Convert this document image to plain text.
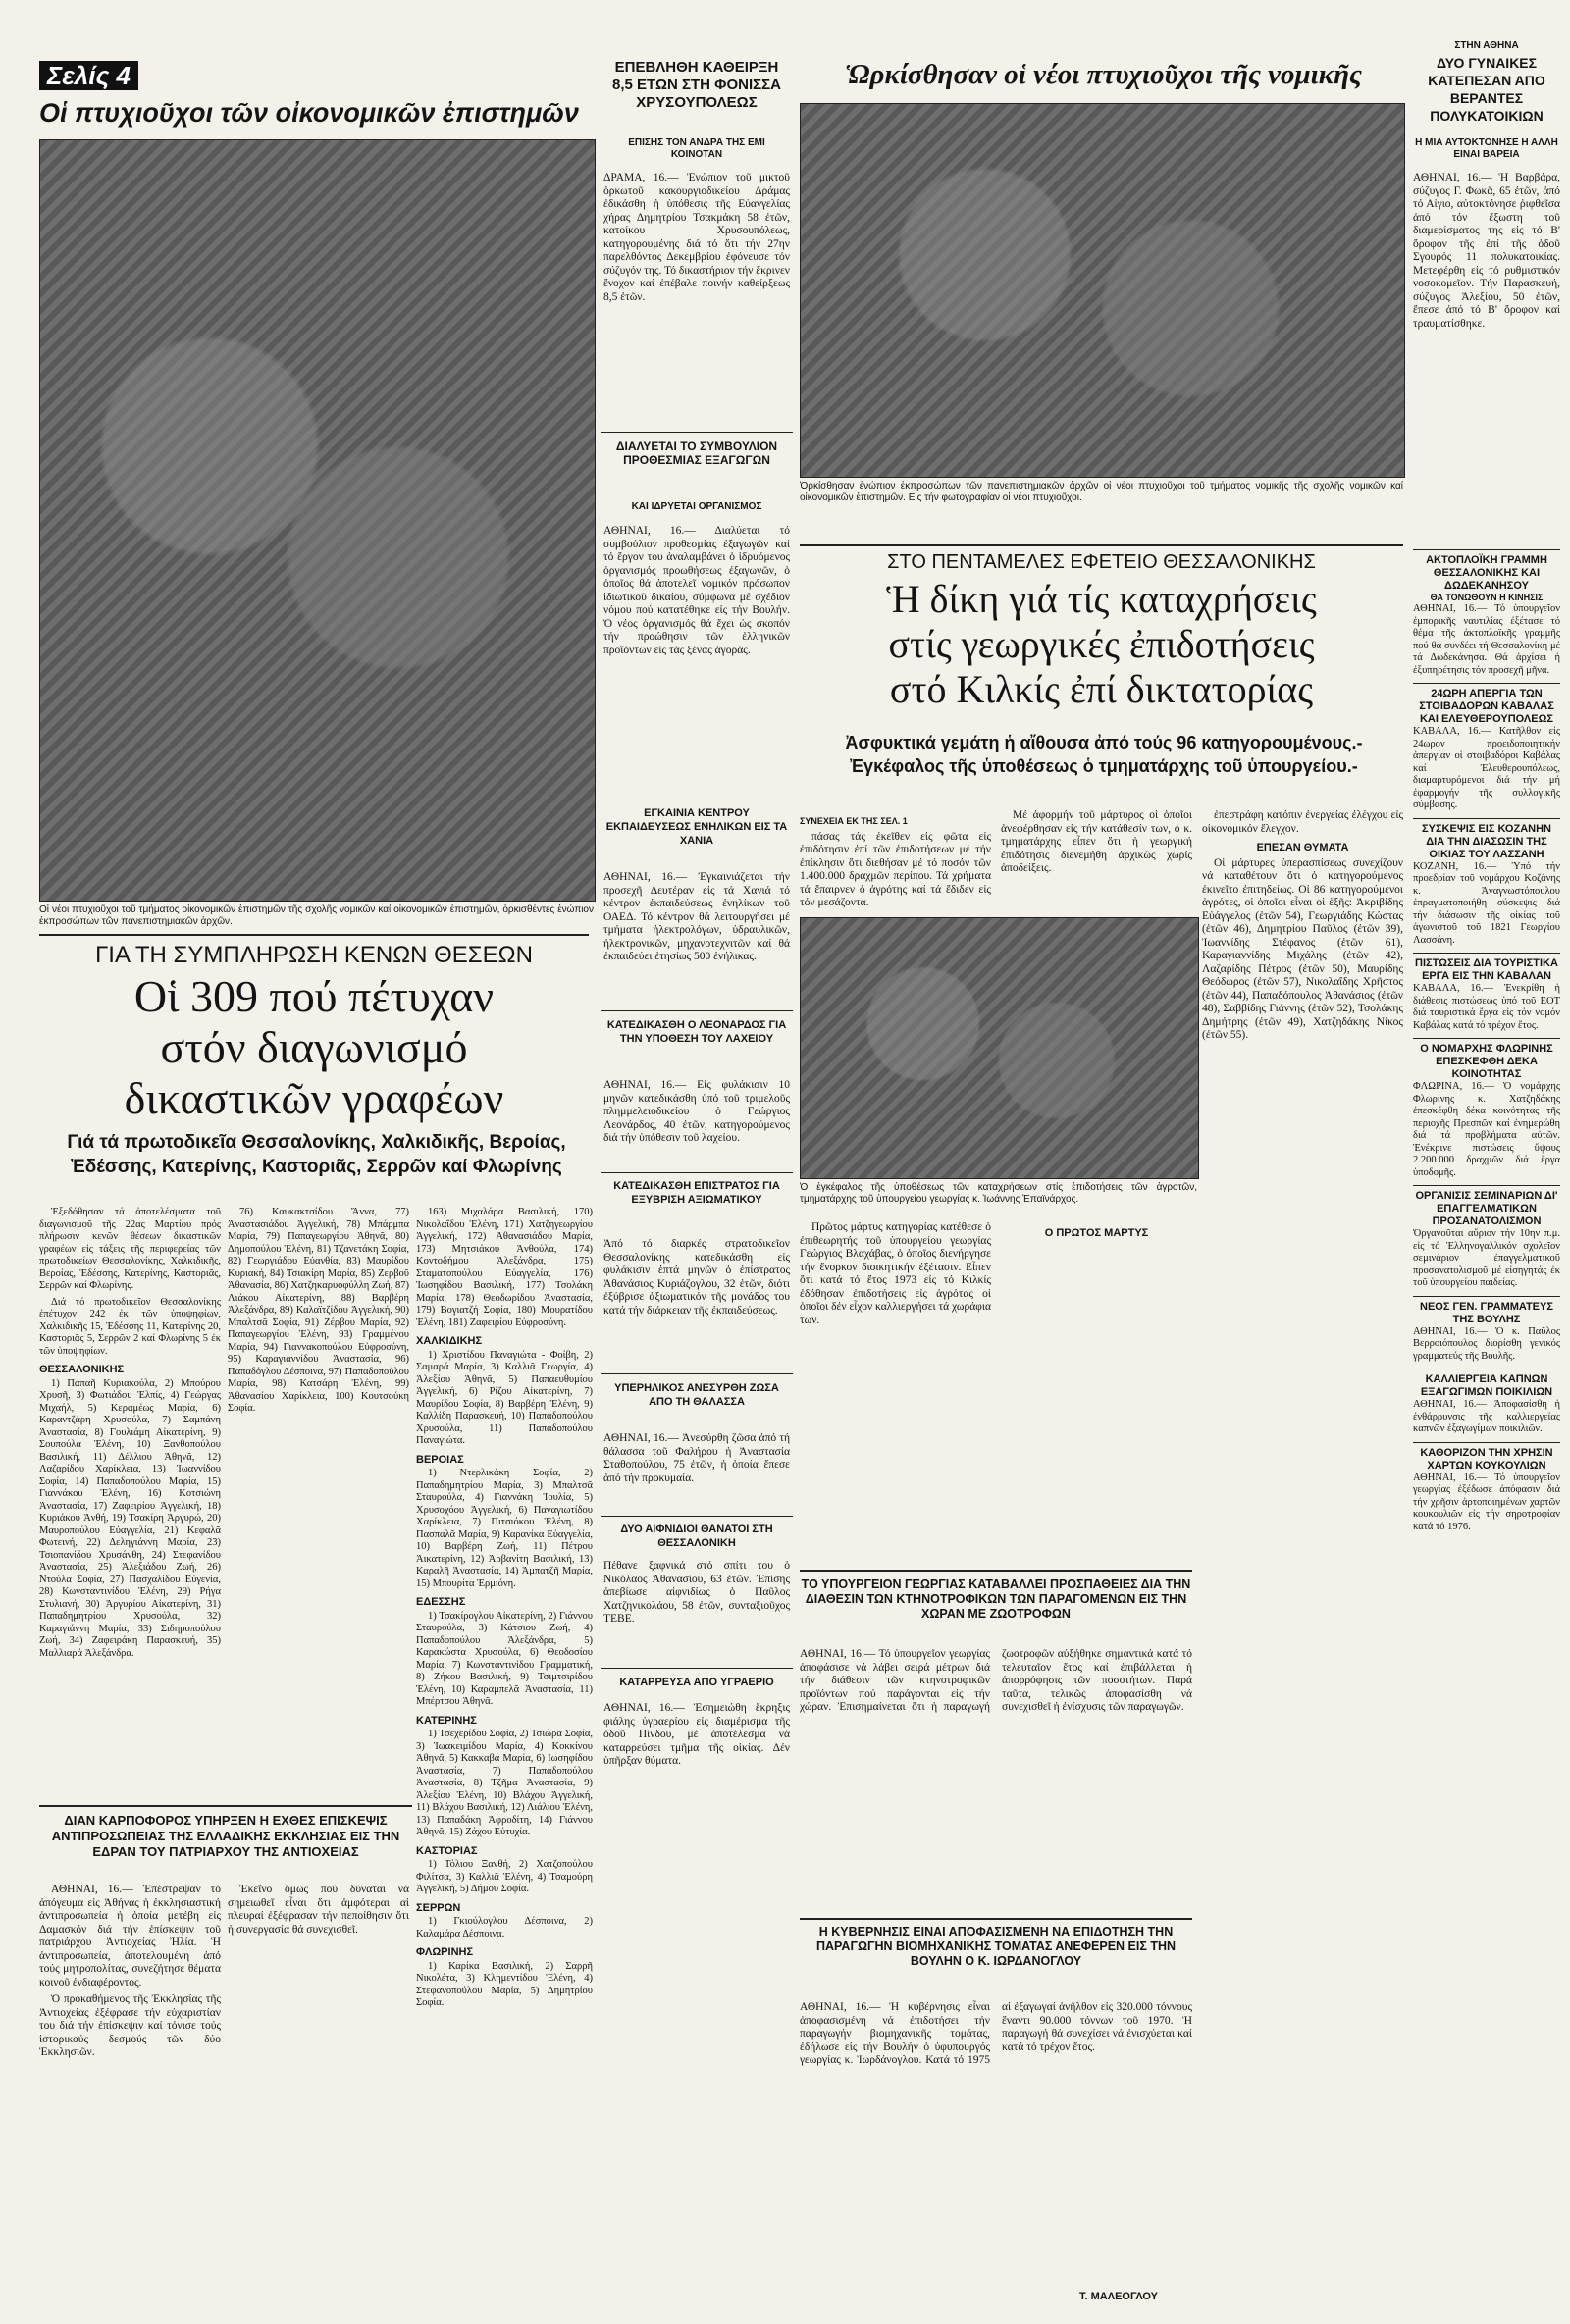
Σελίς 4
Οἱ πτυχιοῦχοι τῶν οἰκονομικῶν ἐπιστημῶν
Οἱ νέοι πτυχιοῦχοι τοῦ τμήματος οἰκονομικῶν ἐπιστημῶν τῆς σχολῆς νομικῶν καί οἰκονομικῶν ἐπιστημῶν, ὁρκισθέντες ἐνώπιον ἐκπροσώπων τῶν πανεπιστημιακῶν ἀρχῶν.
ΕΠΕΒΛΗΘΗ ΚΑΘΕΙΡΞΗ 8,5 ΕΤΩΝ ΣΤΗ ΦΟΝΙΣΣΑ ΧΡΥΣΟΥΠΟΛΕΩΣ
ΕΠΙΣΗΣ ΤΟΝ ΑΝΔΡΑ ΤΗΣ ΕΜΙ ΚΟΙΝΟΤΑΝ
ΔΡΑΜΑ, 16.— Ἐνώπιον τοῦ μικτοῦ ὁρκωτοῦ κακουργιοδικείου Δράμας ἐδικάσθη ἡ ὑπόθεσις τῆς Εὐαγγελίας χήρας Δημητρίου Τσακμάκη 58 ἐτῶν, κατοίκου Χρυσουπόλεως, κατηγορουμένης διά τό ὅτι τήν 27ην παρελθόντος Δεκεμβρίου ἐφόνευσε τόν σύζυγόν της. Τό δικαστήριον τήν ἔκρινεν ἔνοχον καί ἐπέβαλε ποινήν καθείρξεως 8,5 ἐτῶν.
Ὡρκίσθησαν οἱ νέοι πτυχιοῦχοι τῆς νομικῆς
Ὁρκίσθησαν ἐνώπιον ἐκπροσώπων τῶν πανεπιστημιακῶν ἀρχῶν οἱ νέοι πτυχιοῦχοι τοῦ τμήματος νομικῆς τῆς σχολῆς νομικῶν καί οἰκονομικῶν ἐπιστημῶν. Εἰς τήν φωτογραφίαν οἱ νέοι πτυχιοῦχοι.
ΣΤΗΝ ΑΘΗΝΑ
ΔΥΟ ΓΥΝΑΙΚΕΣ ΚΑΤΕΠΕΣΑΝ ΑΠΟ ΒΕΡΑΝΤΕΣ ΠΟΛΥΚΑΤΟΙΚΙΩΝ
Η ΜΙΑ ΑΥΤΟΚΤΟΝΗΣΕ Η ΑΛΛΗ ΕΙΝΑΙ ΒΑΡΕΙΑ
ΑΘΗΝΑΙ, 16.— Ἡ Βαρβάρα, σύζυγος Γ. Φωκᾶ, 65 ἐτῶν, ἀπό τό Αἰγιο, αὐτοκτόνησε ῥιφθεῖσα ἀπό τόν ἔξωστη τοῦ διαμερίσματος της εἰς τό Β' ὄροφον τῆς ἐπί τῆς ὁδοῦ Σγουρός 11 πολυκατοικίας. Μετεφέρθη εἰς τό ρυθμιστικόν νοσοκομεῖον. Τήν Παρασκευή, σύζυγος Ἀλεξίου, 50 ἐτῶν, ἔπεσε ἀπό τό Β' ὄροφον καί τραυματίσθηκε.
ΓΙΑ ΤΗ ΣΥΜΠΛΗΡΩΣΗ ΚΕΝΩΝ ΘΕΣΕΩΝ
Οἱ 309 πού πέτυχαν
στόν διαγωνισμό
δικαστικῶν γραφέων
Γιά τά πρωτοδικεῖα Θεσσαλονίκης, Χαλκιδικῆς, Βεροίας, Ἐδέσσης, Κατερίνης, Καστοριᾶς, Σερρῶν καί Φλωρίνης

Ἐξεδόθησαν τά ἀποτελέσματα τοῦ διαγωνισμοῦ τῆς 22ας Μαρτίου πρός πλήρωσιν κενῶν θέσεων δικαστικῶν γραφέων εἰς τάξεις τῆς περιφερείας τῶν πρωτοδικείων Θεσσαλονίκης, Χαλκιδικῆς, Βεροίας, Ἐδέσσης, Κατερίνης, Καστοριᾶς, Σερρῶν καί Φλωρίνης.

Διά τό πρωτοδικεῖον Θεσσαλονίκης ἐπέτυχον 242 ἐκ τῶν ὑποψηφίων, Χαλκιδικῆς 15, Ἐδέσσης 11, Κατερίνης 20, Καστοριᾶς 5, Σερρῶν 2 καί Φλωρίνης 5 ἐκ τῶν ὑποψηφίων.

ΘΕΣΣΑΛΟΝΙΚΗΣ

1) Παπαῆ Κυριακούλα, 2) Μπούρου Χρυσῆ, 3) Φωτιάδου Ἐλπίς, 4) Γεώργας Μιχαήλ, 5) Κεραμέως Μαρία, 6) Καραντζάρη Χρυσούλα, 7) Σαμπάνη Ἀναστασία, 8) Γουλιάμη Αἰκατερίνη, 9) Σουπούλα Ἐλένη, 10) Ξανθοπούλου Βασιλική, 11) Δέλλιου Ἀθηνᾶ, 12) Λαζαρίδου Χαρίκλεια, 13) Ἰωαννίδου Σοφία, 14) Παπαδοπούλου Μαρία, 15) Γιαννάκου Ἐλένη, 16) Κοτσιώνη Ἀναστασία, 17) Ζαφειρίου Ἀγγελική, 18) Κυριάκου Ἀνθή, 19) Τσακίρη Ἀργυρώ, 20) Μαυροπούλου Εὐαγγελία, 21) Κεφαλᾶ Φωτεινή, 22) Δεληγιάννη Μαρία, 23) Τσιοπανίδου Χρυσάνθη, 24) Στεφανίδου Ἀναστασία, 25) Ἀλεξιάδου Ζωή, 26) Ντούλα Σοφία, 27) Πασχαλίδου Εὐγενία, 28) Κωνσταντινίδου Ἑλένη, 29) Ρήγα Στυλιανή, 30) Ἀργυρίου Αἰκατερίνη, 31) Παπαδημητρίου Χρυσούλα, 32) Καραγιάννη Μαρία, 33) Σιδηροπούλου Ζωή, 34) Ζαφειράκη Παρασκευή, 35) Μαλλιαρά Ἀλεξάνδρα.

76) Καυκακτσίδου Ἄννα, 77) Ἀναστασιάδου Ἀγγελική, 78) Μπάρμπα Μαρία, 79) Παπαγεωργίου Ἀθηνᾶ, 80) Δημοπούλου Ἑλένη, 81) Τζανετάκη Σοφία, 82) Γεωργιάδου Εὐανθία, 83) Μαυρίδου Κυριακή, 84) Τσιακίρη Μαρία, 85) Ζερβοῦ Ἀθανασία, 86) Χατζηκαρυοφύλλη Ζωή, 87) Λιάκου Αἰκατερίνη, 88) Βαρβέρη Ἀλεξάνδρα, 89) Καλαϊτζίδου Ἀγγελική, 90) Μπαλτσᾶ Σοφία, 91) Ζέρβου Μαρία, 92) Παπαγεωργίου Ἑλένη, 93) Γραμμένου Μαρία, 94) Γιαννακοπούλου Εὐφροσύνη, 95) Καραγιαννίδου Ἀναστασία, 96) Παπαδόγλου Δέσποινα, 97) Παπαδοπούλου Μαρία, 98) Κατσάρη Ἐλένη, 99) Ἀθανασίου Χαρίκλεια, 100) Κουτσούκη Σοφία.

163) Μιχαλάρα Βασιλική, 170) Νικολαΐδου Ἑλένη, 171) Χατζηγεωργίου Ἀγγελική, 172) Ἀθανασιάδου Μαρία, 173) Μητσιάκου Ἀνθούλα, 174) Κοντοδήμου Ἀλεξάνδρα, 175) Σταματοπούλου Εὐαγγελία, 176) Ἰωσηφίδου Βασιλική, 177) Τσολάκη Μαρία, 178) Θεοδωρίδου Ἀναστασία, 179) Βογιατζή Σοφία, 180) Μουρατίδου Ἐλένη, 181) Ζαφειρίου Εὐφροσύνη.

ΧΑΛΚΙΔΙΚΗΣ

1) Χριστίδου Παναγιώτα - Φοίβη, 2) Σαμαρά Μαρία, 3) Καλλιᾶ Γεωργία, 4) Ἀλεξίου Ἀθηνᾶ, 5) Παπαευθυμίου Ἀγγελική, 6) Ρίζου Αἰκατερίνη, 7) Μαυρίδου Σοφία, 8) Βαρβέρη Ἐλένη, 9) Καλλίδη Παρασκευή, 10) Παπαδοπούλου Χρυσούλα, 11) Παπαδοπούλου Παναγιώτα.

ΒΕΡΟΙΑΣ

1) Ντερλικάκη Σοφία, 2) Παπαδημητρίου Μαρία, 3) Μπαλτσᾶ Σταυρούλα, 4) Γιαννάκη Ἰουλία, 5) Χρυσοχόου Ἀγγελική, 6) Παναγιωτίδου Χαρίκλεια, 7) Πιτσιόκου Ἑλένη, 8) Πασπαλᾶ Μαρία, 9) Καρανίκα Εὐαγγελία, 10) Βαρβέρη Ζωή, 11) Πέτρου Ἀικατερίνη, 12) Ἀρβανίτη Βασιλική, 13) Καραλῆ Ἀναστασία, 14) Ἀμπατζῆ Μαρία, 15) Μπουρίτα Ἑρμιόνη.

ΕΔΕΣΣΗΣ

1) Τσακίρογλου Αἰκατερίνη, 2) Γιάννου Σταυρούλα, 3) Κάτσιου Ζωή, 4) Παπαδοπούλου Ἀλεξάνδρα, 5) Καρακώστα Χρυσούλα, 6) Θεοδοσίου Μαρία, 7) Κωνσταντινίδου Γραμματική, 8) Ζήκου Βασιλική, 9) Τσιμτσιρίδου Ἐλένη, 10) Καραμπελᾶ Ἀναστασία, 11) Μπέρτσου Ἀθηνᾶ.

ΚΑΤΕΡΙΝΗΣ

1) Τσεχερίδου Σοφία, 2) Τσιώρα Σοφία, 3) Ἰωακειμίδου Μαρία, 4) Κοκκίνου Ἀθηνᾶ, 5) Κακκαβά Μαρία, 6) Ιωσηφίδου Ἀναστασία, 7) Παπαδοπούλου Ἀναστασία, 8) Τζῆμα Ἀναστασία, 9) Ἀλεξίου Ἐλένη, 10) Βλάχου Ἀγγελική, 11) Βλάχου Βασιλική, 12) Λιάλιου Ἐλένη, 13) Παπαδάκη Ἀφροδίτη, 14) Γιάννου Ἀθηνᾶ, 15) Ζάχου Εὐτυχία.

ΚΑΣΤΟΡΙΑΣ

1) Τόλιου Ξανθή, 2) Χατζοπούλου Φιλίτσα, 3) Καλλιᾶ Ἑλένη, 4) Τσαμούρη Ἀγγελική, 5) Δήμου Σοφία.

ΣΕΡΡΩΝ

1) Γκιούλογλου Δέσποινα, 2) Καλαμάρα Δέσποινα.

ΦΛΩΡΙΝΗΣ

1) Καρίκα Βασιλική, 2) Σαρρῆ Νικολέτα, 3) Κλημεντίδου Ἑλένη, 4) Στεφανοπούλου Μαρία, 5) Δημητρίου Σοφία.

ΔΙΑΝ ΚΑΡΠΟΦΟΡΟΣ ΥΠΗΡΞΕΝ Η ΕΧΘΕΣ ΕΠΙΣΚΕΨΙΣ ΑΝΤΙΠΡΟΣΩΠΕΙΑΣ ΤΗΣ ΕΛΛΑΔΙΚΗΣ ΕΚΚΛΗΣΙΑΣ ΕΙΣ ΤΗΝ ΕΔΡΑΝ ΤΟΥ ΠΑΤΡΙΑΡΧΟΥ ΤΗΣ ΑΝΤΙΟΧΕΙΑΣ

ΑΘΗΝΑΙ, 16.— Ἐπέστρεψαν τό ἀπόγευμα εἰς Ἀθήνας ἡ ἐκκλησιαστική ἀντιπροσωπεία ἡ ὁποία μετέβη εἰς Δαμασκόν διά τήν ἐπίσκεψιν τοῦ πατριάρχου Ἀντιοχείας Ἠλία. Ἡ ἀντιπροσωπεία, ἀποτελουμένη ἀπό τούς μητροπολίτας, συνεζήτησε θέματα κοινοῦ ἐνδιαφέροντος.

Ὁ προκαθήμενος τῆς Ἐκκλησίας τῆς Ἀντιοχείας ἐξέφρασε τήν εὐχαριστίαν του διά τήν ἐπίσκεψιν καί τόνισε τούς ἱστορικούς δεσμούς τῶν δύο Ἐκκλησιῶν.

Ἐκεῖνο ὅμως πού δύναται νά σημειωθεῖ εἶναι ὅτι ἀμφότεραι αἱ πλευραί ἐξέφρασαν τήν πεποίθησιν ὅτι ἡ συνεργασία θά συνεχισθεῖ.

ΔΙΑΛΥΕΤΑΙ ΤΟ ΣΥΜΒΟΥΛΙΟΝ ΠΡΟΘΕΣΜΙΑΣ ΕΞΑΓΩΓΩΝ
ΚΑΙ ΙΔΡΥΕΤΑΙ ΟΡΓΑΝΙΣΜΟΣ
ΑΘΗΝΑΙ, 16.— Διαλύεται τό συμβούλιον προθεσμίας ἐξαγωγῶν καί τό ἔργον του ἀναλαμβάνει ὁ ἱδρυόμενος ὀργανισμός προωθήσεως ἐξαγωγῶν, ὁ ὁποῖος θά ἀποτελεῖ νομικόν πρόσωπον ἰδιωτικοῦ δικαίου, σύμφωνα μέ σχέδιον νόμου πού κατατέθηκε εἰς τήν Βουλήν. Ὁ νέος ὀργανισμός θά ἔχει ὡς σκοπόν τήν προώθησιν τῶν ἑλληνικῶν προϊόντων εἰς τάς ξένας ἀγοράς.
ΕΓΚΑΙΝΙΑ ΚΕΝΤΡΟΥ ΕΚΠΑΙΔΕΥΣΕΩΣ ΕΝΗΛΙΚΩΝ ΕΙΣ ΤΑ ΧΑΝΙΑ
ΑΘΗΝΑΙ, 16.— Ἐγκαινιάζεται τήν προσεχῆ Δευτέραν εἰς τά Χανιά τό κέντρον ἐκπαιδεύσεως ἐνηλίκων τοῦ ΟΑΕΔ. Τό κέντρον θά λειτουργήσει μέ τμήματα ἠλεκτρολόγων, ὑδραυλικῶν, ἠλεκτρονικῶν, μηχανοτεχνιτῶν καί θά ἐκπαιδεύει ἐτησίως 500 ἐνήλικας.
ΚΑΤΕΔΙΚΑΣΘΗ Ο ΛΕΟΝΑΡΔΟΣ ΓΙΑ ΤΗΝ ΥΠΟΘΕΣΗ ΤΟΥ ΛΑΧΕΙΟΥ
ΑΘΗΝΑΙ, 16.— Εἰς φυλάκισιν 10 μηνῶν κατεδικάσθη ὑπό τοῦ τριμελοῦς πλημμελειοδικείου ὁ Γεώργιος Λεονάρδος, 40 ἐτῶν, κατηγορούμενος διά τήν ὑπόθεσιν τοῦ λαχείου.
ΚΑΤΕΔΙΚΑΣΘΗ ΕΠΙΣΤΡΑΤΟΣ ΓΙΑ ΕΞΥΒΡΙΣΗ ΑΞΙΩΜΑΤΙΚΟΥ
Ἀπό τό διαρκές στρατοδικεῖον Θεσσαλονίκης κατεδικάσθη εἰς φυλάκισιν ἑπτά μηνῶν ὁ ἐπίστρατος Ἀθανάσιος Κυριάζογλου, 32 ἐτῶν, διότι ἐξύβρισε ἀξιωματικόν τῆς μονάδος του κατά τήν διάρκειαν τῆς ἐκπαιδεύσεως.
ΥΠΕΡΗΛΙΚΟΣ ΑΝΕΣΥΡΘΗ ΖΩΣΑ ΑΠΟ ΤΗ ΘΑΛΑΣΣΑ
ΑΘΗΝΑΙ, 16.— Ἀνεσύρθη ζῶσα ἀπό τή θάλασσα τοῦ Φαλήρου ἡ Ἀναστασία Σταθοπούλου, 75 ἐτῶν, ἡ ὁποία ἔπεσε ἀπό τήν προκυμαία.
ΔΥΟ ΑΙΦΝΙΔΙΟΙ ΘΑΝΑΤΟΙ ΣΤΗ ΘΕΣΣΑΛΟΝΙΚΗ
Πέθανε ξαφνικά στό σπίτι του ὁ Νικόλαος Ἀθανασίου, 63 ἐτῶν. Ἐπίσης ἀπεβίωσε αἰφνιδίως ὁ Παῦλος Χατζηνικολάου, 58 ἐτῶν, συνταξιοῦχος ΤΕΒΕ.
ΚΑΤΑΡΡΕΥΣΑ ΑΠΟ ΥΓΡΑΕΡΙΟ
ΑΘΗΝΑΙ, 16.— Ἐσημειώθη ἔκρηξις φιάλης ὑγραερίου εἰς διαμέρισμα τῆς ὁδοῦ Πίνδου, μέ ἀποτέλεσμα νά καταρρεύσει τμῆμα τῆς οἰκίας. Δέν ὑπῆρξαν θύματα.
ΣΤΟ ΠΕΝΤΑΜΕΛΕΣ ΕΦΕΤΕΙΟ ΘΕΣΣΑΛΟΝΙΚΗΣ
Ἡ δίκη γιά τίς καταχρήσεις
στίς γεωργικές ἐπιδοτήσεις
στό Κιλκίς ἐπί δικτατορίας
Ἀσφυκτικά γεμάτη ἡ αἴθουσα ἀπό τούς 96 κατηγορουμένους.- Ἐγκέφαλος τῆς ὑποθέσεως ὁ τμηματάρχης τοῦ ὑπουργείου.-
ΣΥΝΕΧΕΙΑ ΕΚ ΤΗΣ ΣΕΛ. 1

πάσας τάς ἐκεῖθεν εἰς φῶτα εἰς ἐπιδότησιν ἐπί τῶν ἐπιδοτήσεων μέ τήν ἐπίκλησιν ὅτι διεθήσαν μέ τό ποσόν τῶν 1.400.000 δραχμῶν περίπου. Τά χρήματα τά ἔπαιρνεν ὁ ἀγρότης καί τά ἔδιδεν εἰς τόν μεσάζοντα.

Μέ ἀφορμήν τοῦ μάρτυρος οἱ ὁποῖοι ἀνεφέρθησαν εἰς τήν κατάθεσίν των, ὁ κ. τμηματάρχης εἶπεν ὅτι ἡ γεωργική ἐπιδότησις διενεμήθη ἀρχικῶς χωρίς ἀποδείξεις.

ἐπεστράφη κατόπιν ἐνεργείας ἐλέγχου εἰς οἰκονομικόν ἔλεγχον.

ΕΠΕΣΑΝ ΘΥΜΑΤΑ

Οἱ μάρτυρες ὑπερασπίσεως συνεχίζουν νά καταθέτουν ὅτι ὁ κατηγορούμενος ἐκινεῖτο ἐπιτηδείως. Οἱ 86 κατηγορούμενοι ἀγρότες, οἱ ὁποῖοι εἶναι οἱ ἑξῆς: Ἀκριβίδης Εὐάγγελος (ἐτῶν 54), Γεωργιάδης Κώστας (ἐτῶν 46), Δημητρίου Παῦλος (ἐτῶν 39), Ἰωαννίδης Στέφανος (ἐτῶν 61), Καραγιαννίδης Μιχάλης (ἐτῶν 42), Λαζαρίδης Πέτρος (ἐτῶν 50), Μαυρίδης Θεόδωρος (ἐτῶν 57), Νικολαΐδης Χρῆστος (ἐτῶν 44), Παπαδόπουλος Ἀθανάσιος (ἐτῶν 48), Σαββίδης Γιάννης (ἐτῶν 52), Τσολάκης Δημήτρης (ἐτῶν 49), Χατζηδάκης Νίκος (ἐτῶν 55).

Ὁ ἐγκέφαλος τῆς ὑποθέσεως τῶν καταχρήσεων στίς ἐπιδοτήσεις τῶν ἀγροτῶν, τμηματάρχης τοῦ ὑπουργείου γεωργίας κ. Ἰωάννης Ἐπαϊνάρχος.

Πρῶτος μάρτυς κατηγορίας κατέθεσε ὁ ἐπιθεωρητής τοῦ ὑπουργείου γεωργίας Γεώργιος Βλαχάβας, ὁ ὁποῖος διενήργησε τήν ἔνορκον διοικητικήν ἐξέτασιν. Εἶπεν ὅτι κατά τό ἔτος 1973 εἰς τό Κιλκίς ἐδόθησαν ἐπιδοτήσεις εἰς ἀγρότας οἱ ὁποῖοι δέν εἶχον καλλιεργήσει τά χωράφια των.

Ο ΠΡΩΤΟΣ ΜΑΡΤΥΣ
ΤΟ ΥΠΟΥΡΓΕΙΟΝ ΓΕΩΡΓΙΑΣ ΚΑΤΑΒΑΛΛΕΙ ΠΡΟΣΠΑΘΕΙΕΣ ΔΙΑ ΤΗΝ ΔΙΑΘΕΣΙΝ ΤΩΝ ΚΤΗΝΟΤΡΟΦΙΚΩΝ ΤΩΝ ΠΑΡΑΓΟΜΕΝΩΝ ΕΙΣ ΤΗΝ ΧΩΡΑΝ ΜΕ ΖΩΟΤΡΟΦΩΝ
ΑΘΗΝΑΙ, 16.— Τό ὑπουργεῖον γεωργίας ἀποφάσισε νά λάβει σειρά μέτρων διά τήν διάθεσιν τῶν κτηνοτροφικῶν προϊόντων πού παράγονται εἰς τήν χώραν. Ἐπισημαίνεται ὅτι ἡ παραγωγή ζωοτροφῶν αὐξήθηκε σημαντικά κατά τό τελευταῖον ἔτος καί ἐπιβάλλεται ἡ ἀπορρόφησις τῶν ποσοτήτων. Παρά ταῦτα, τελικῶς ἀποφασίσθη νά συνεχισθεῖ ἡ ἐνίσχυσις τῶν παραγωγῶν.
Η ΚΥΒΕΡΝΗΣΙΣ ΕΙΝΑΙ ΑΠΟΦΑΣΙΣΜΕΝΗ ΝΑ ΕΠΙΔΟΤΗΣΗ ΤΗΝ ΠΑΡΑΓΩΓΗΝ ΒΙΟΜΗΧΑΝΙΚΗΣ ΤΟΜΑΤΑΣ ΑΝΕΦΕΡΕΝ ΕΙΣ ΤΗΝ ΒΟΥΛΗΝ Ο Κ. ΙΩΡΔΑΝΟΓΛΟΥ
ΑΘΗΝΑΙ, 16.— Ἡ κυβέρνησις εἶναι ἀποφασισμένη νά ἐπιδοτήσει τήν παραγωγήν βιομηχανικῆς τομάτας, ἐδήλωσε εἰς τήν Βουλήν ὁ ὑφυπουργός γεωργίας κ. Ἰωρδάνογλου. Κατά τό 1975 αἱ ἐξαγωγαί ἀνῆλθον εἰς 320.000 τόννους ἔναντι 90.000 τόννων τοῦ 1970. Ἡ παραγωγή θά συνεχίσει νά ἐνισχύεται καί κατά τό τρέχον ἔτος.
Τ. ΜΑΛΕΟΓΛΟΥ
ΑΚΤΟΠΛΟΪΚΗ ΓΡΑΜΜΗ ΘΕΣΣΑΛΟΝΙΚΗΣ ΚΑΙ ΔΩΔΕΚΑΝΗΣΟΥ
ΘΑ ΤΟΝΩΘΟΥΝ Η ΚΙΝΗΣΙΣ
ΑΘΗΝΑΙ, 16.— Τό ὑπουργεῖον ἐμπορικῆς ναυτιλίας ἐξέτασε τό θέμα τῆς ἀκτοπλοϊκῆς γραμμῆς πού θά συνδέει τή Θεσσαλονίκη μέ τά Δωδεκάνησα. Θά ἀρχίσει ἡ ἐξυπηρέτησις τόν προσεχῆ μῆνα.
24ΩΡΗ ΑΠΕΡΓΙΑ ΤΩΝ ΣΤΟΙΒΑΔΟΡΩΝ ΚΑΒΑΛΑΣ ΚΑΙ ΕΛΕΥΘΕΡΟΥΠΟΛΕΩΣ
ΚΑΒΑΛΑ, 16.— Κατῆλθον εἰς 24ωρον προειδοποιητικήν ἀπεργίαν οἱ στοιβαδόροι Καβάλας καί Ἐλευθερουπόλεως, διαμαρτυρόμενοι διά τήν μή ἐφαρμογήν τῆς συλλογικῆς σύμβασης.
ΣΥΣΚΕΨΙΣ ΕΙΣ ΚΟΖΑΝΗΝ ΔΙΑ ΤΗΝ ΔΙΑΣΩΣΙΝ ΤΗΣ ΟΙΚΙΑΣ ΤΟΥ ΛΑΣΣΑΝΗ
ΚΟΖΑΝΗ, 16.— Ὑπό τήν προεδρίαν τοῦ νομάρχου Κοζάνης κ. Ἀναγνωστόπουλου ἐπραγματοποιήθη σύσκεψις διά τήν διάσωσιν τῆς οἰκίας τοῦ ἀγωνιστοῦ τοῦ 1821 Γεωργίου Λασσάνη.
ΠΙΣΤΩΣΕΙΣ ΔΙΑ ΤΟΥΡΙΣΤΙΚΑ ΕΡΓΑ ΕΙΣ ΤΗΝ ΚΑΒΑΛΑΝ
ΚΑΒΑΛΑ, 16.— Ἐνεκρίθη ἡ διάθεσις πιστώσεως ὑπό τοῦ ΕΟΤ διά τουριστικά ἔργα εἰς τόν νομόν Καβάλας κατά τό τρέχον ἔτος.
Ο ΝΟΜΑΡΧΗΣ ΦΛΩΡΙΝΗΣ ΕΠΕΣΚΕΦΘΗ ΔΕΚΑ ΚΟΙΝΟΤΗΤΑΣ
ΦΛΩΡΙΝΑ, 16.— Ὁ νομάρχης Φλωρίνης κ. Χατζηδάκης ἐπεσκέφθη δέκα κοινότητας τῆς περιοχῆς Πρεσπῶν καί ἐνημερώθη διά τά προβλήματα αὐτῶν. Ἐνέκρινε πιστώσεις ὕψους 2.200.000 δραχμῶν διά ἔργα ὑποδομῆς.
ΟΡΓΑΝΙΣΙΣ ΣΕΜΙΝΑΡΙΩΝ ΔΙ' ΕΠΑΓΓΕΛΜΑΤΙΚΩΝ ΠΡΟΣΑΝΑΤΟΛΙΣΜΟΝ
Ὀργανοῦται αὔριον τήν 10ην π.μ. εἰς τό Ἑλληνογαλλικόν σχολεῖον σεμινάριον ἐπαγγελματικοῦ προσανατολισμοῦ μέ εἰσηγητάς ἐκ τοῦ ὑπουργείου παιδείας.
ΝΕΟΣ ΓΕΝ. ΓΡΑΜΜΑΤΕΥΣ ΤΗΣ ΒΟΥΛΗΣ
ΑΘΗΝΑΙ, 16.— Ὁ κ. Παῦλος Βερροιόπουλος διορίσθη γενικός γραμματεύς τῆς Βουλῆς.
ΚΑΛΛΙΕΡΓΕΙΑ ΚΑΠΝΩΝ ΕΞΑΓΩΓΙΜΩΝ ΠΟΙΚΙΛΙΩΝ
ΑΘΗΝΑΙ, 16.— Ἀποφασίσθη ἡ ἐνθάρρυνσις τῆς καλλιεργείας καπνῶν ἐξαγωγίμων ποικιλιῶν.
ΚΑΘΟΡΙΖΟΝ ΤΗΝ ΧΡΗΣΙΝ ΧΑΡΤΩΝ ΚΟΥΚΟΥΛΙΩΝ
ΑΘΗΝΑΙ, 16.— Τό ὑπουργεῖον γεωργίας ἐξέδωσε ἀπόφασιν διά τήν χρῆσιν ἀρτοποιημένων χαρτῶν κουκουλιῶν εἰς τήν σηροτροφίαν κατά τό 1976.
